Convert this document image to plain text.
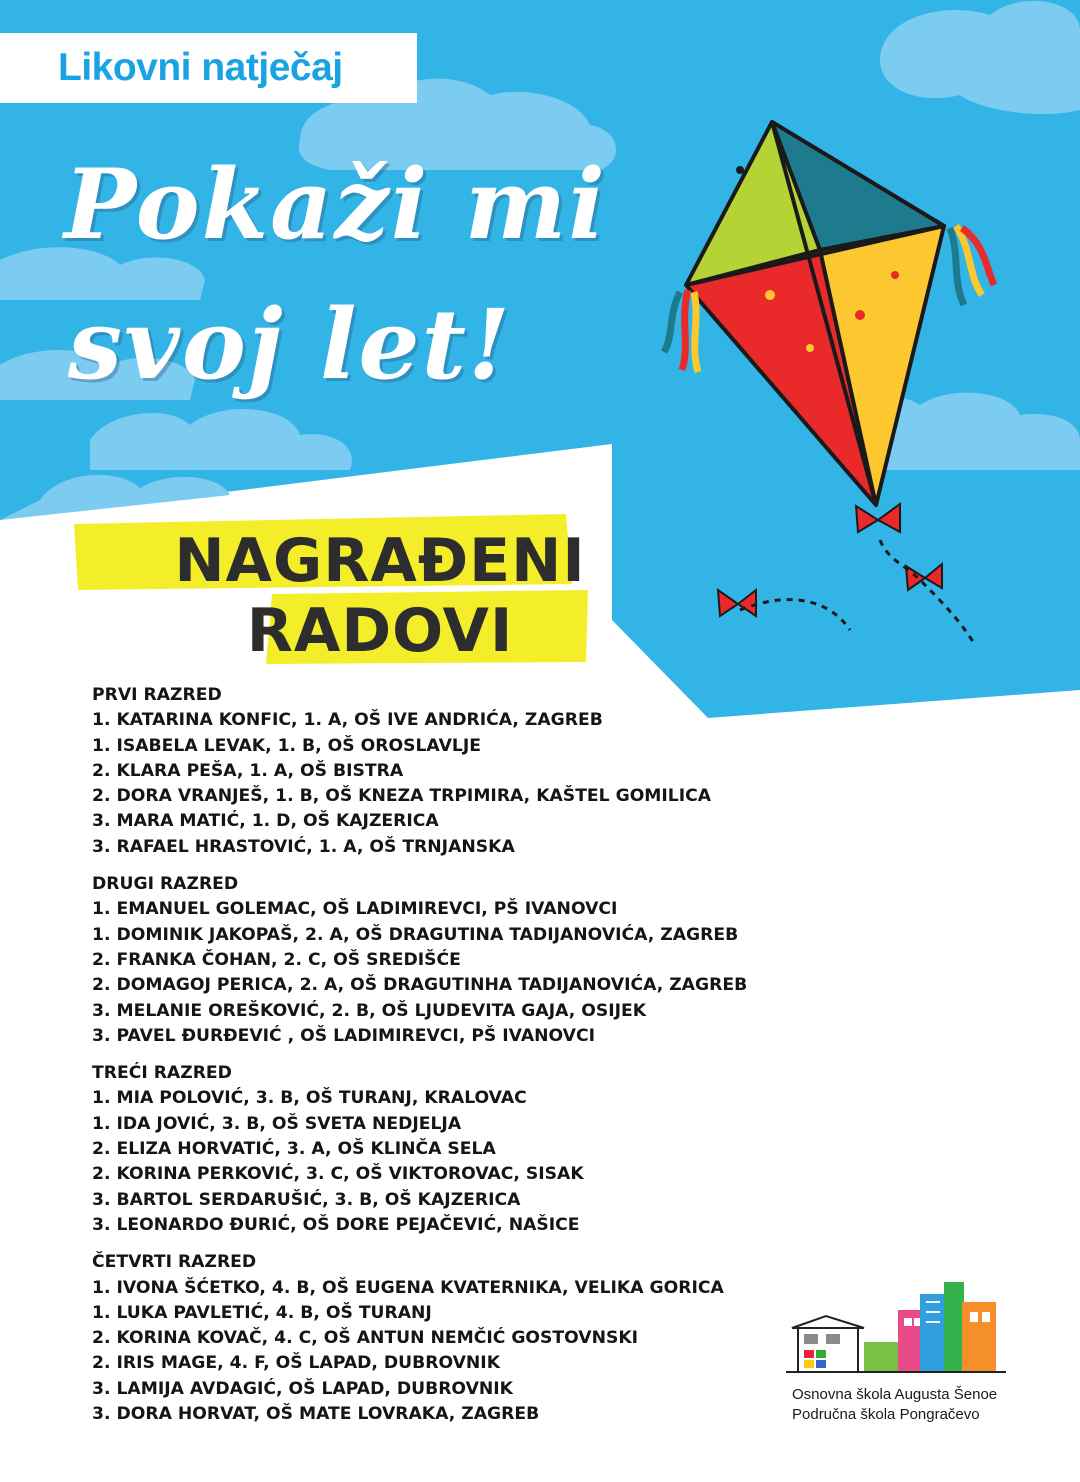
Likovni natječaj
Pokaži mi
svoj let!
NAGRAĐENI
RADOVI
PRVI RAZRED
1. KATARINA KONFIC, 1. A, OŠ IVE ANDRIĆA, ZAGREB
1. ISABELA LEVAK, 1. B, OŠ OROSLAVLJE
2. KLARA PEŠA, 1. A, OŠ BISTRA
2. DORA VRANJEŠ, 1. B, OŠ KNEZA TRPIMIRA, KAŠTEL GOMILICA
3. MARA MATIĆ, 1. D, OŠ KAJZERICA
3. RAFAEL HRASTOVIĆ, 1. A, OŠ TRNJANSKA
DRUGI RAZRED
1. EMANUEL GOLEMAC, OŠ LADIMIREVCI, PŠ IVANOVCI
1. DOMINIK JAKOPAŠ, 2. A, OŠ DRAGUTINA TADIJANOVIĆA, ZAGREB
2. FRANKA ČOHAN, 2. C, OŠ SREDIŠĆE
2. DOMAGOJ PERICA, 2. A, OŠ DRAGUTINHA TADIJANOVIĆA, ZAGREB
3. MELANIE OREŠKOVIĆ, 2. B, OŠ LJUDEVITA GAJA, OSIJEK
3. PAVEL ĐURĐEVIĆ , OŠ LADIMIREVCI, PŠ IVANOVCI
TREĆI RAZRED
1. MIA POLOVIĆ, 3. B, OŠ TURANJ, KRALOVAC
1. IDA JOVIĆ, 3. B, OŠ SVETA NEDJELJA
2. ELIZA HORVATIĆ, 3. A, OŠ KLINČA SELA
2. KORINA PERKOVIĆ, 3. C, OŠ VIKTOROVAC, SISAK
3. BARTOL SERDARUŠIĆ, 3. B, OŠ KAJZERICA
3. LEONARDO ĐURIĆ, OŠ DORE PEJAČEVIĆ, NAŠICE
ČETVRTI RAZRED
1. IVONA ŠĆETKO, 4. B, OŠ EUGENA KVATERNIKA, VELIKA GORICA
1. LUKA PAVLETIĆ, 4. B, OŠ TURANJ
2. KORINA KOVAČ, 4. C, OŠ ANTUN NEMČIĆ GOSTOVNSKI
2. IRIS MAGE, 4. F, OŠ LAPAD, DUBROVNIK
3. LAMIJA AVDAGIĆ, OŠ LAPAD, DUBROVNIK
3. DORA HORVAT, OŠ MATE LOVRAKA, ZAGREB
Osnovna škola Augusta Šenoe
Područna škola Pongračevo
